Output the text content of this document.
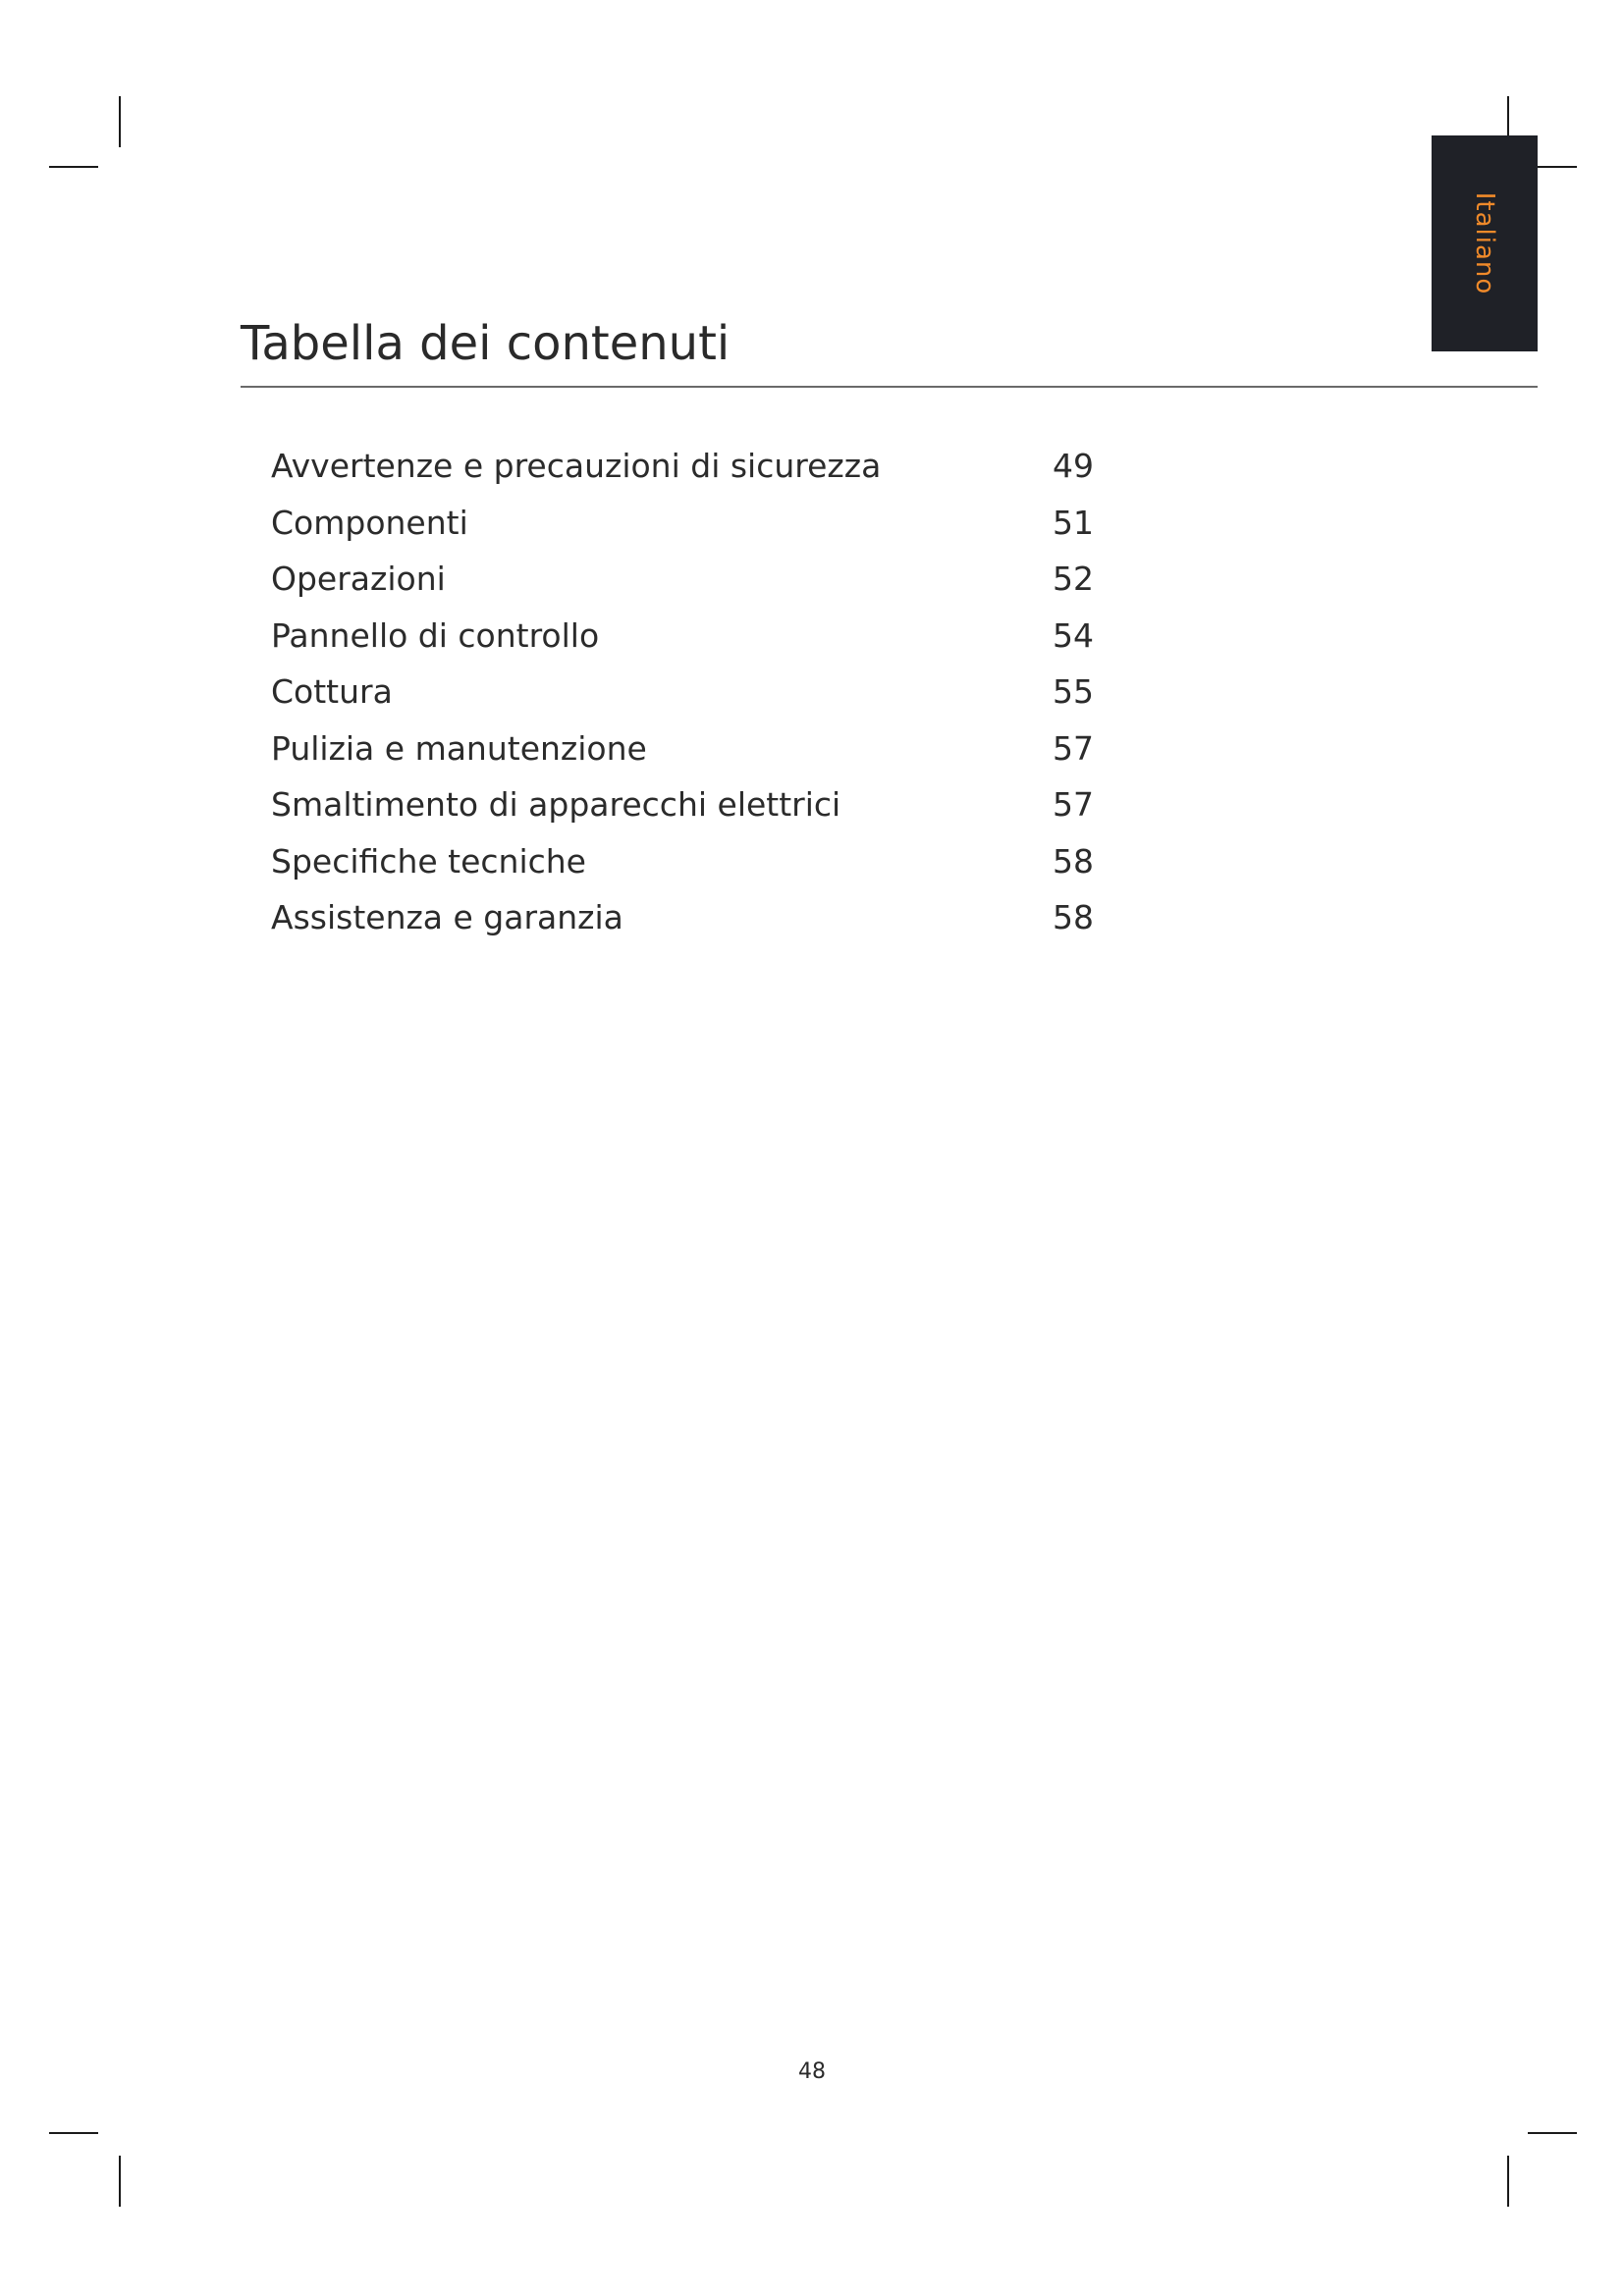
Italiano
Tabella dei contenuti
Avvertenze e precauzioni di sicurezza	49
Componenti	51
Operazioni	52
Pannello di controllo	54
Cottura	55
Pulizia e manutenzione	57
Smaltimento di apparecchi elettrici	57
Specifiche tecniche	58
Assistenza e garanzia	58
48
